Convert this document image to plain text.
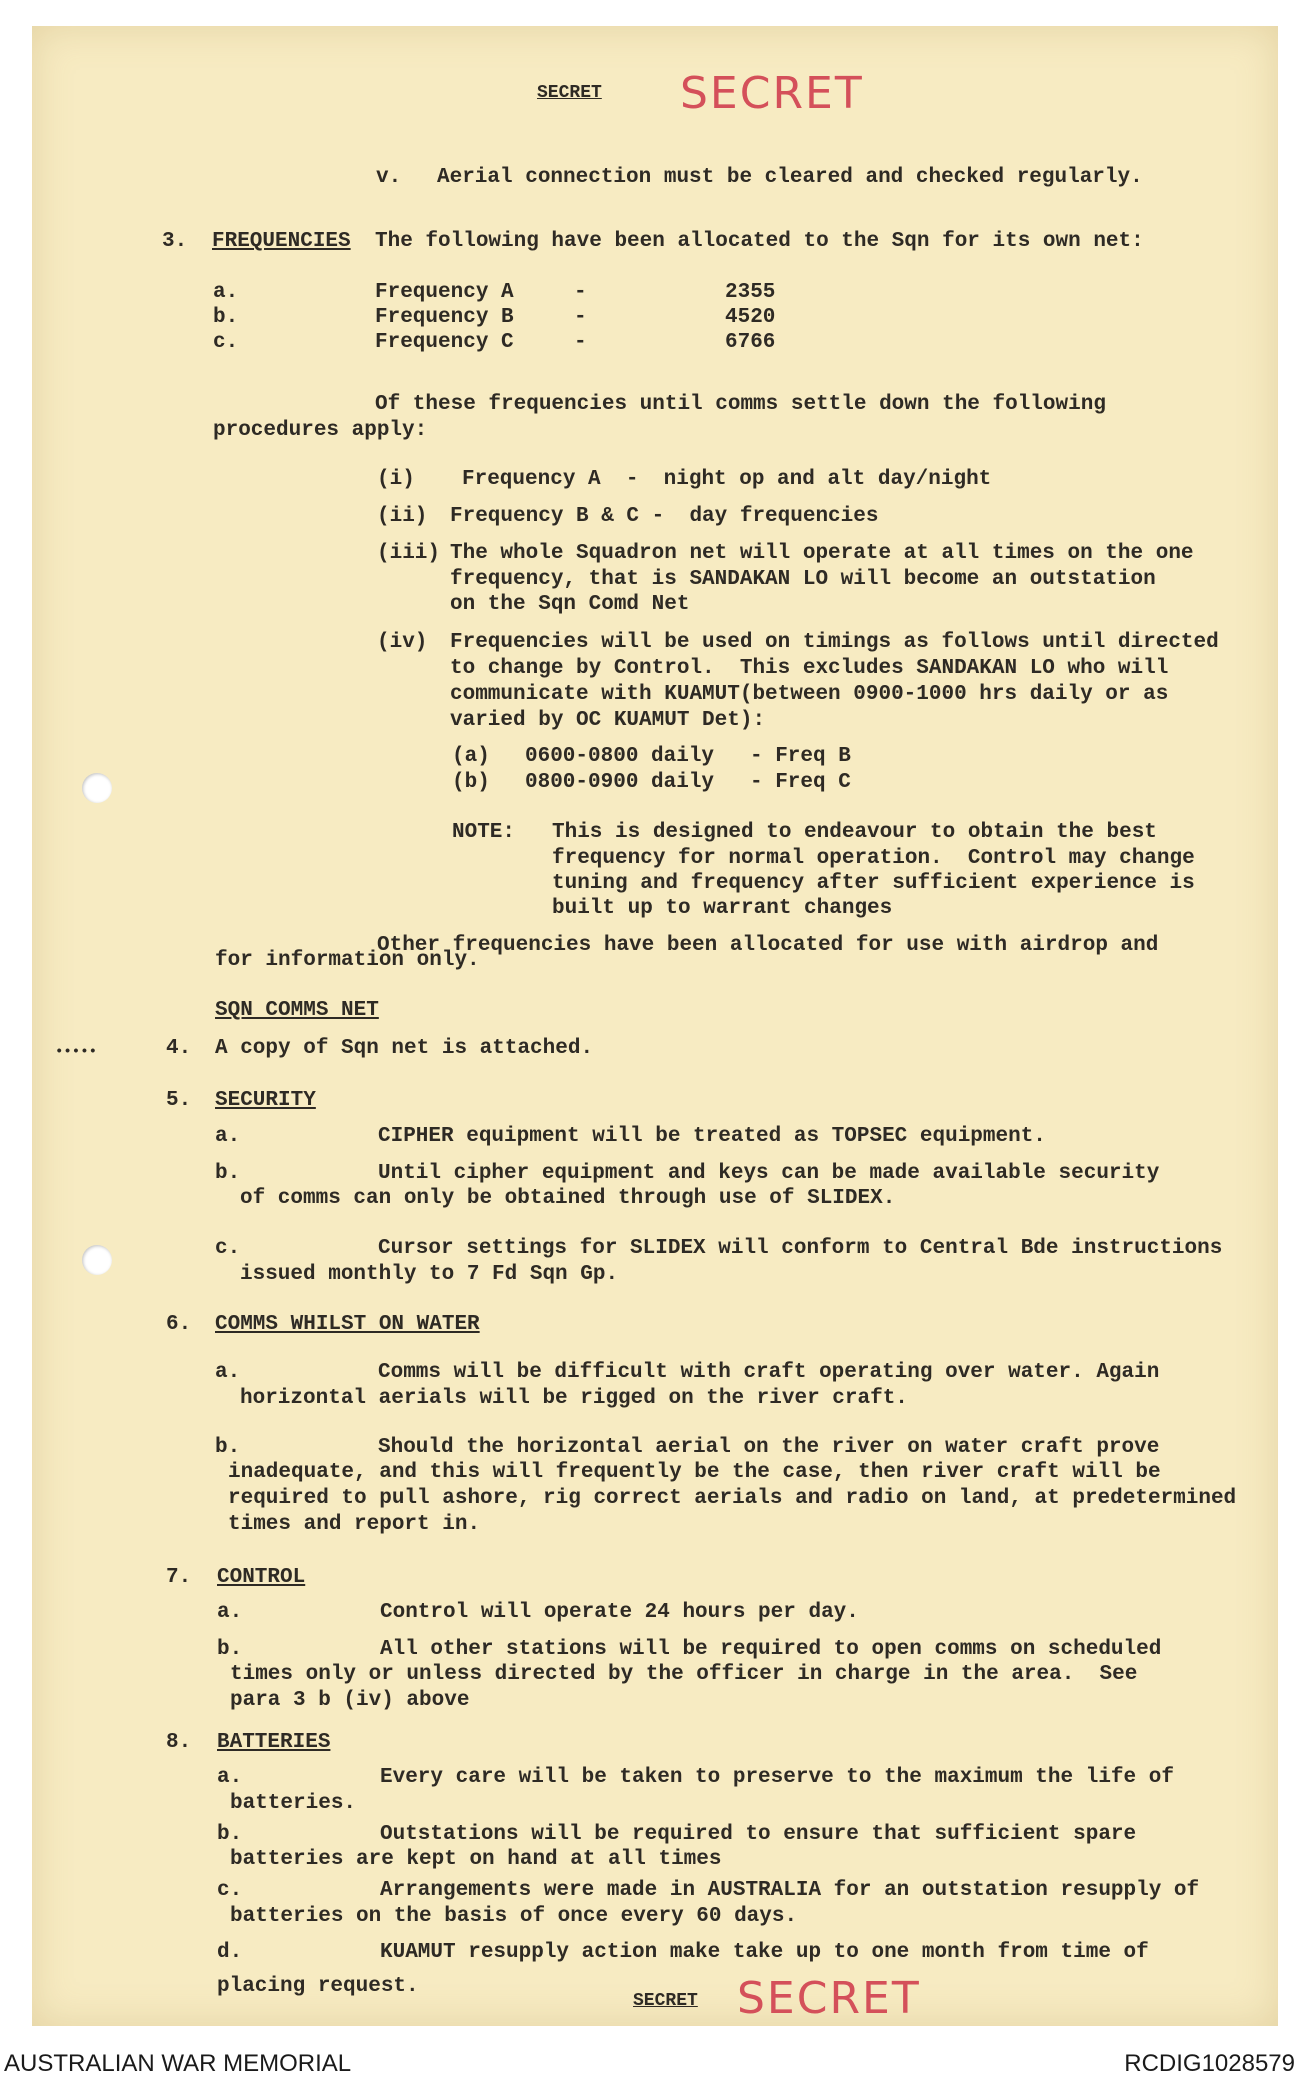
SECRET SECRET
v. Aerial connection must be cleared and checked regularly.
3. FREQUENCIES The following have been allocated to the Sqn for its own net:
a.	Frequency A	-	2355
b.	Frequency B	-	4520
c.	Frequency C	-	6766
Of these frequencies until comms settle down the following
procedures apply:
(i) Frequency A  -  night op and alt day/night
(ii) Frequency B & C -  day frequencies
(iii) The whole Squadron net will operate at all times on the one
frequency, that is SANDAKAN LO will become an outstation
on the Sqn Comd Net
(iv) Frequencies will be used on timings as follows until directed
to change by Control.  This excludes SANDAKAN LO who will
communicate with KUAMUT(between 0900-1000 hrs daily or as
varied by OC KUAMUT Det):
(a) 0600-0800 daily - Freq B
(b) 0800-0900 daily - Freq C
NOTE: This is designed to endeavour to obtain the best
frequency for normal operation.  Control may change
tuning and frequency after sufficient experience is
built up to warrant changes
Other frequencies have been allocated for use with airdrop and
for information only.
SQN COMMS NET
•••••	4. A copy of Sqn net is attached.
5. SECURITY
a.	CIPHER equipment will be treated as TOPSEC equipment.
b.	Until cipher equipment and keys can be made available security
of comms can only be obtained through use of SLIDEX.
c.	Cursor settings for SLIDEX will conform to Central Bde instructions
issued monthly to 7 Fd Sqn Gp.
6. COMMS WHILST ON WATER
a.	Comms will be difficult with craft operating over water. Again
horizontal aerials will be rigged on the river craft.
b.	Should the horizontal aerial on the river on water craft prove
inadequate, and this will frequently be the case, then river craft will be
required to pull ashore, rig correct aerials and radio on land, at predetermined
times and report in.
7. CONTROL
a.	Control will operate 24 hours per day.
b.	All other stations will be required to open comms on scheduled
times only or unless directed by the officer in charge in the area.  See
para 3 b (iv) above
8. BATTERIES
a.	Every care will be taken to preserve to the maximum the life of
batteries.
b.	Outstations will be required to ensure that sufficient spare
batteries are kept on hand at all times
c.	Arrangements were made in AUSTRALIA for an outstation resupply of
batteries on the basis of once every 60 days.
d.	KUAMUT resupply action make take up to one month from time of
placing request.
SECRET SECRET
AUSTRALIAN WAR MEMORIAL	RCDIG1028579
